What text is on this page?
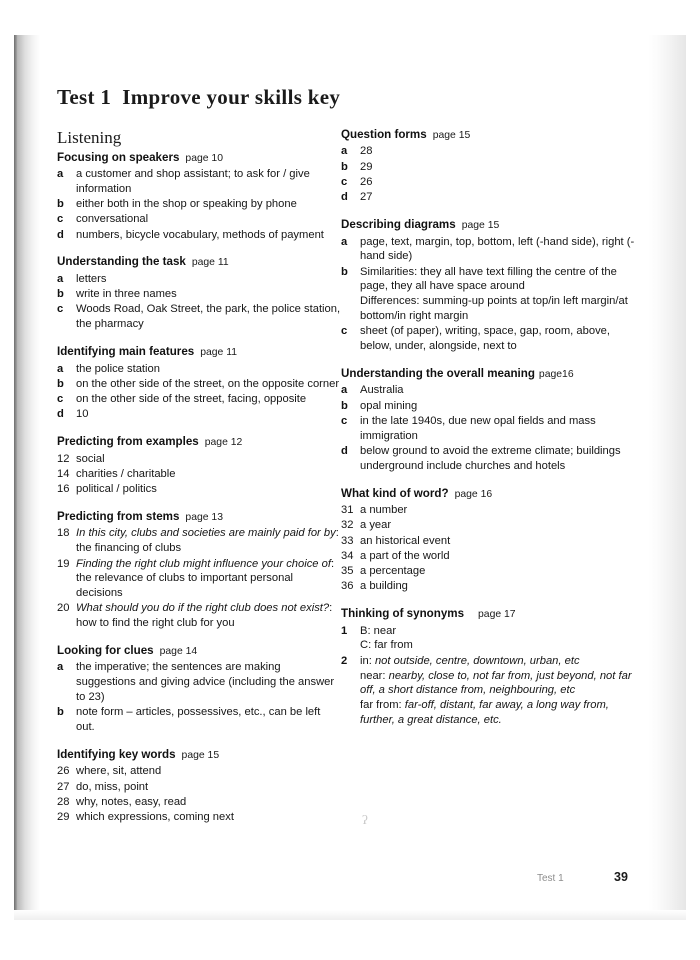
ʔ
Test 1  Improve your skills key
Listening
Focusing on speakers page 10
a a customer and shop assistant; to ask for / give information
b either both in the shop or speaking by phone
c conversational
d numbers, bicycle vocabulary, methods of payment
Understanding the task page 11
a letters
b write in three names
c Woods Road, Oak Street, the park, the police station, the pharmacy
Identifying main features page 11
a the police station
b on the other side of the street, on the opposite corner
c on the other side of the street, facing, opposite
d 10
Predicting from examples page 12
12 social
14 charities / charitable
16 political / politics
Predicting from stems page 13
18 In this city, clubs and societies are mainly paid for by: the financing of clubs
19 Finding the right club might influence your choice of: the relevance of clubs to important personal decisions
20 What should you do if the right club does not exist?: how to find the right club for you
Looking for clues page 14
a the imperative; the sentences are making suggestions and giving advice (including the answer to 23)
b note form – articles, possessives, etc., can be left out.
Identifying key words page 15
26 where, sit, attend
27 do, miss, point
28 why, notes, easy, read
29 which expressions, coming next
Question forms page 15
a 28
b 29
c 26
d 27
Describing diagrams page 15
a page, text, margin, top, bottom, left (-hand side), right (-hand side)
b Similarities: they all have text filling the centre of the page, they all have space around
Differences: summing-up points at top/in left margin/at bottom/in right margin
c sheet (of paper), writing, space, gap, room, above, below, under, alongside, next to
Understanding the overall meaning page16
a Australia
b opal mining
c in the late 1940s, due new opal fields and mass immigration
d below ground to avoid the extreme climate; buildings underground include churches and hotels
What kind of word? page 16
31 a number
32 a year
33 an historical event
34 a part of the world
35 a percentage
36 a building
Thinking of synonyms page 17
1 B: near
C: far from
2 in: not outside, centre, downtown, urban, etc
near: nearby, close to, not far from, just beyond, not far off, a short distance from, neighbouring, etc
far from: far-off, distant, far away, a long way from, further, a great distance, etc.
Test 1	39
